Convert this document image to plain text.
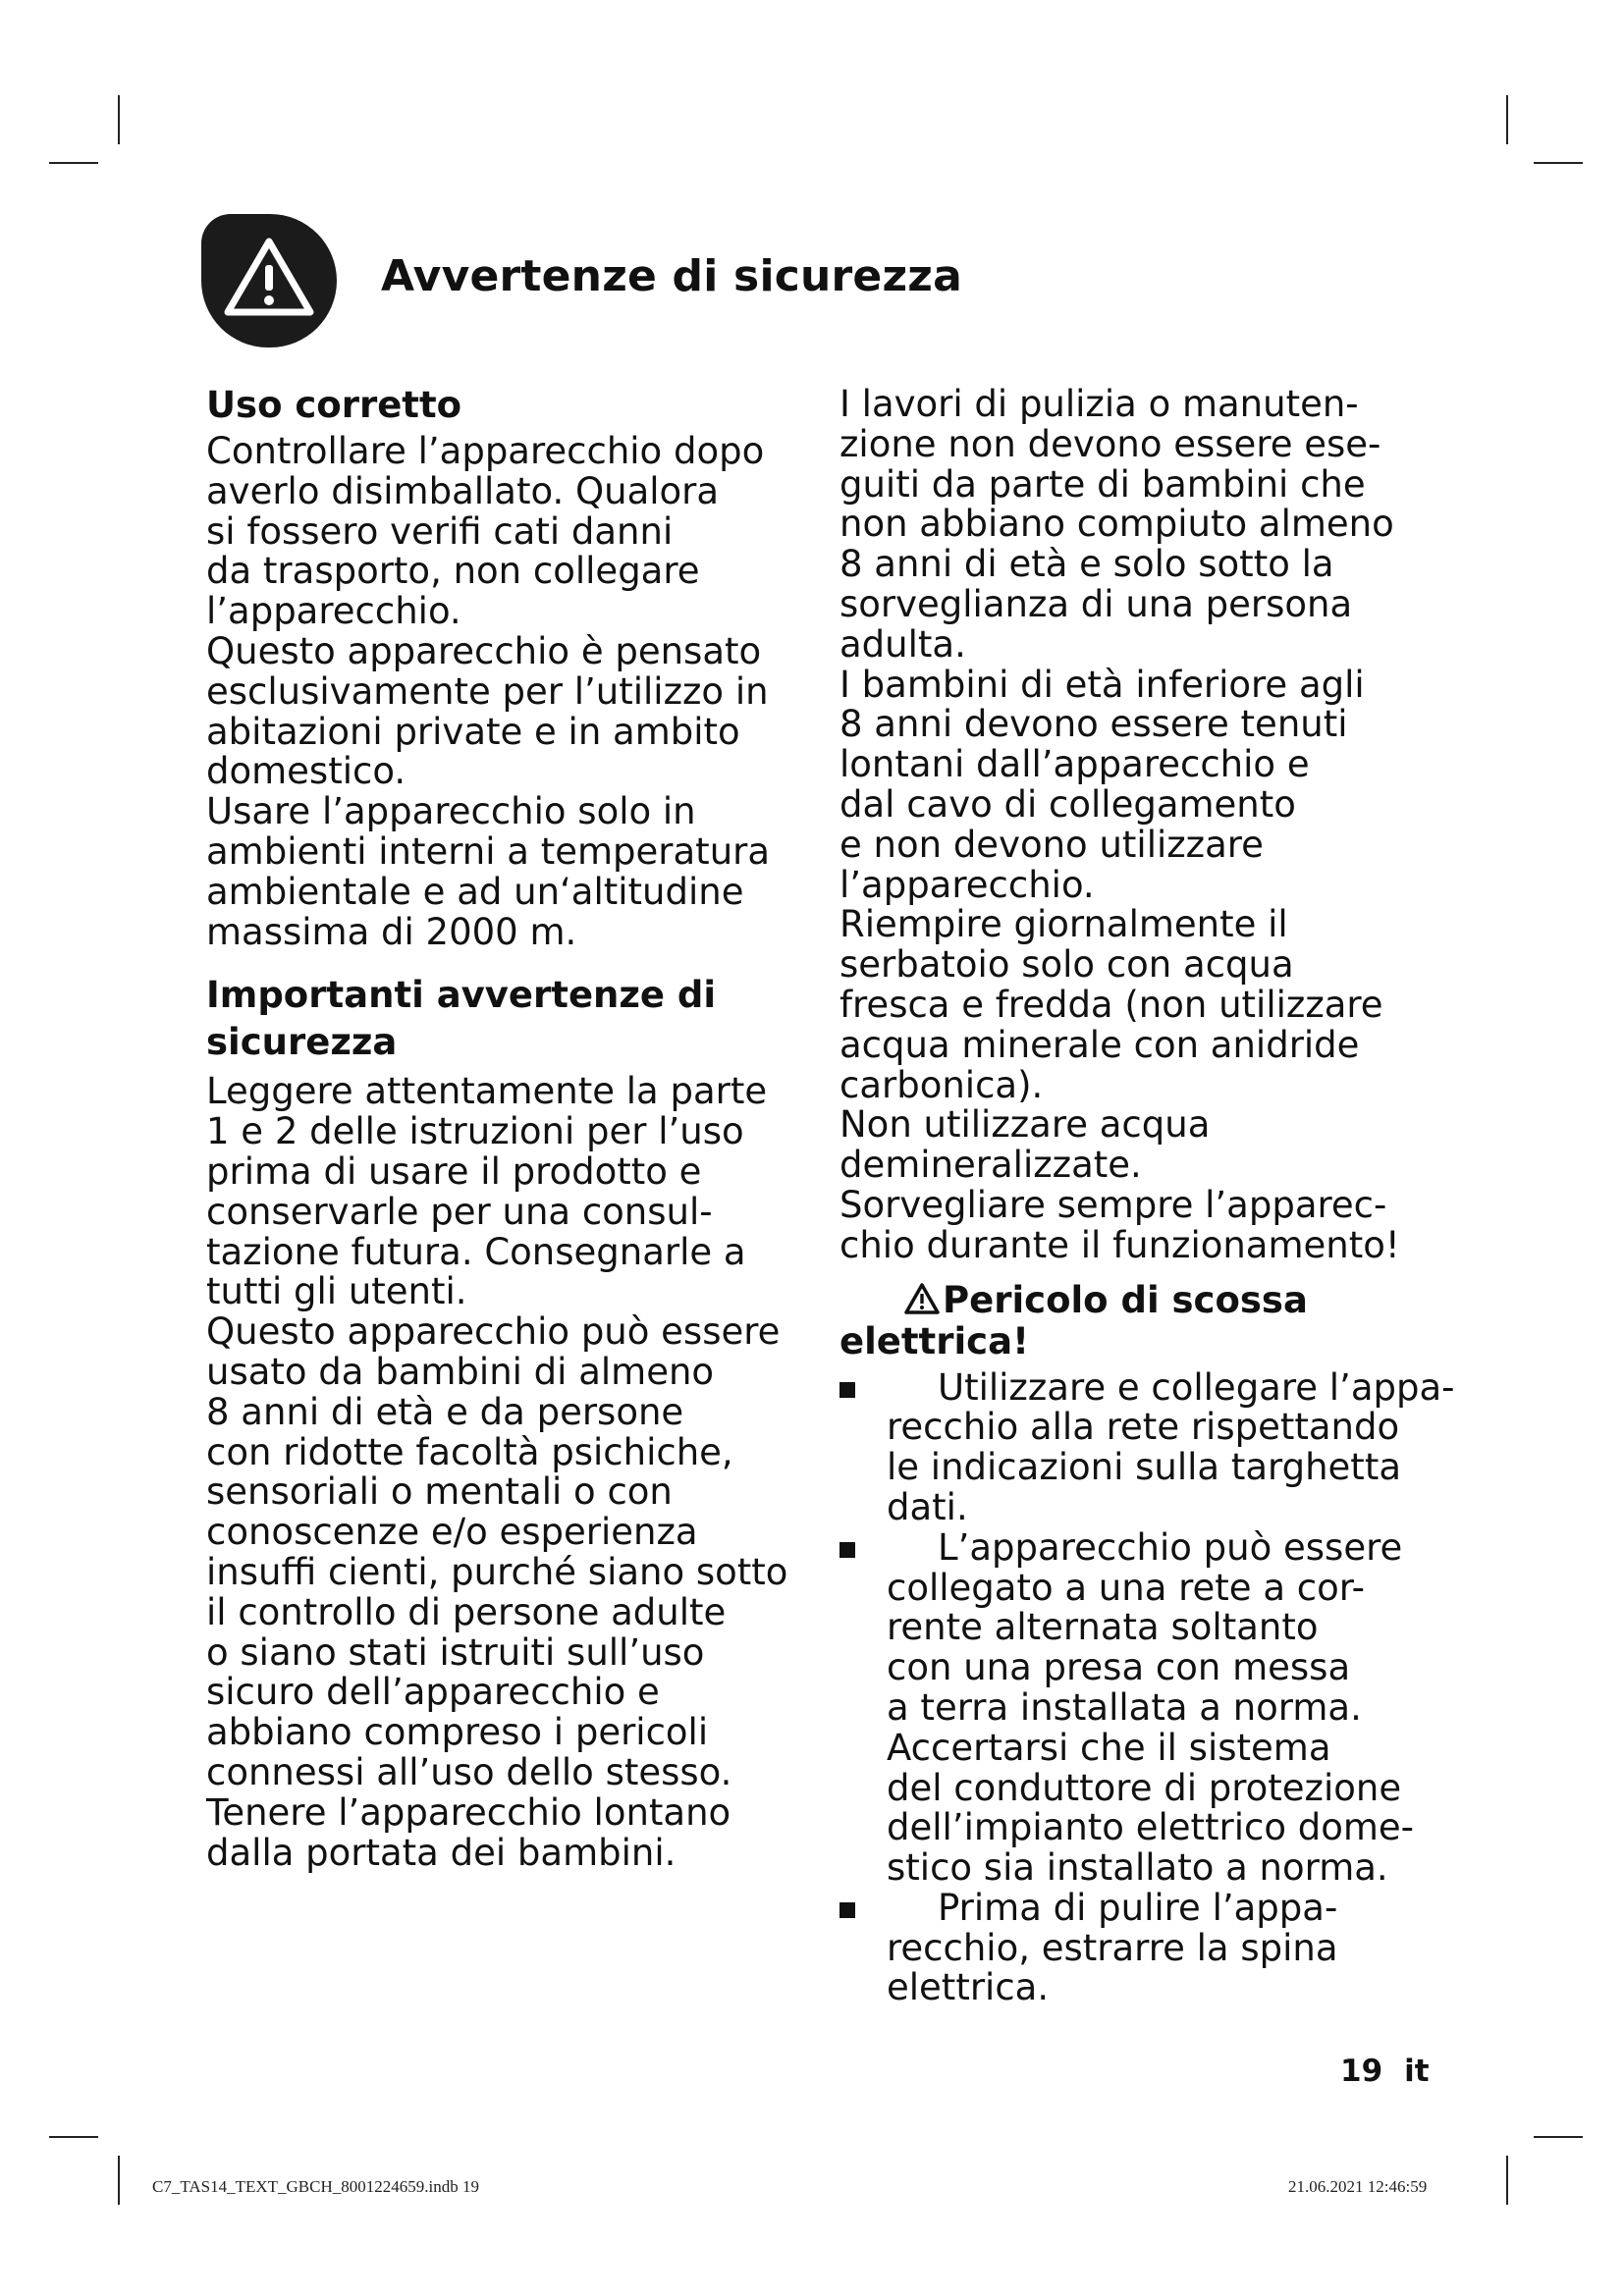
Avvertenze di sicurezza
Uso corretto

Controllare l’apparecchio dopo
averlo disimballato. Qualora
si fossero verifi cati danni
da trasporto, non collegare
l’apparecchio.

Questo apparecchio è pensato
esclusivamente per l’utilizzo in
abitazioni private e in ambito
domestico.

Usare l’apparecchio solo in
ambienti interni a temperatura
ambientale e ad un‘altitudine
massima di 2000 m.

Importanti avvertenze di
sicurezza

Leggere attentamente la parte
1 e 2 delle istruzioni per l’uso
prima di usare il prodotto e
conservarle per una consul-
tazione futura. Consegnarle a
tutti gli utenti.

Questo apparecchio può essere
usato da bambini di almeno
8 anni di età e da persone
con ridotte facoltà psichiche,
sensoriali o mentali o con
conoscenze e/o esperienza
insuffi cienti, purché siano sotto
il controllo di persone adulte
o siano stati istruiti sull’uso
sicuro dell’apparecchio e
abbiano compreso i pericoli
connessi all’uso dello stesso.

Tenere l’apparecchio lontano
dalla portata dei bambini.

I lavori di pulizia o manuten-
zione non devono essere ese-
guiti da parte di bambini che
non abbiano compiuto almeno
8 anni di età e solo sotto la
sorveglianza di una persona
adulta.

I bambini di età inferiore agli
8 anni devono essere tenuti
lontani dall’apparecchio e
dal cavo di collegamento
e non devono utilizzare
l’apparecchio.

Riempire giornalmente il
serbatoio solo con acqua
fresca e fredda (non utilizzare
acqua minerale con anidride
carbonica).

Non utilizzare acqua
demineralizzate.

Sorvegliare sempre l’apparec-
chio durante il funzionamento!

Pericolo di scossa
elettrica!
Utilizzare e collegare l’appa-
recchio alla rete rispettando
le indicazioni sulla targhetta
dati.
L’apparecchio può essere
collegato a una rete a cor-
rente alternata soltanto
con una presa con messa
a terra installata a norma.
Accertarsi che il sistema
del conduttore di protezione
dell’impianto elettrico dome-
stico sia installato a norma.
Prima di pulire l’appa-
recchio, estrarre la spina
elettrica.
19 it
C7_TAS14_TEXT_GBCH_8001224659.indb 19	21.06.2021 12:46:59
